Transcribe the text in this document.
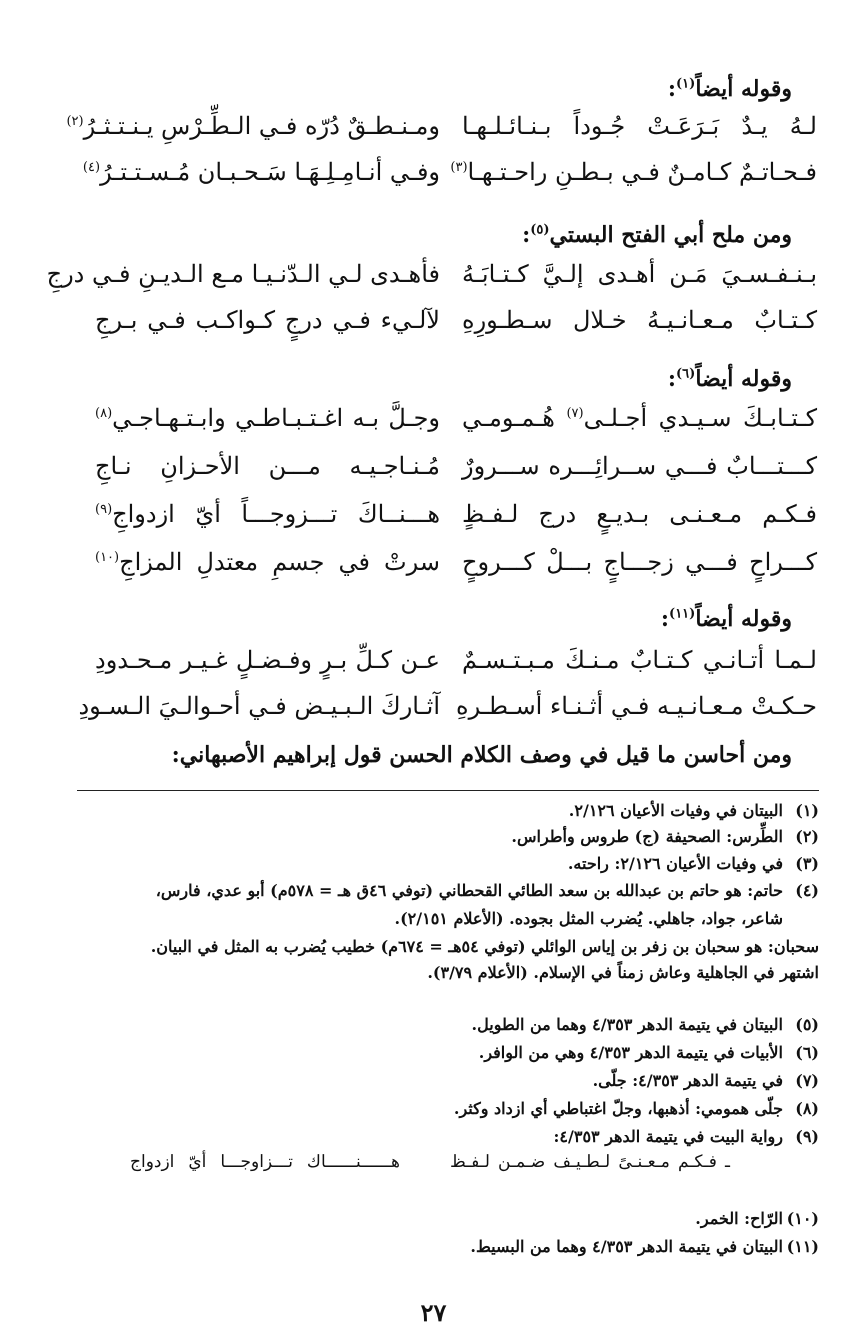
وقوله أيضاً$^{(١)}$:
لـهُ يـدٌ بَـرَعَـتْ جُـوداً بـنـائـلـهـا
ومـنـطـقٌ دُرّه فـي الـطِّـرْسِ يـنـتـثـرُ$^{(٢)}$
فـحـاتـمٌ كـامـنٌ فـي بـطـنِ راحـتـهـا$^{(٣)}$
وفـي أنـامِـلِـهَـا سَـحـبـان مُـسـتـتـرُ$^{(٤)}$
ومن ملح أبي الفتح البستي$^{(٥)}$:
بـنـفـسـيَ مَـن أهـدى إلـيَّ كـتـابَـهُ
فأهـدى لـي الـدّنـيـا مـع الـديـنِ فـي درجِ
كـتـابٌ مـعـانـيـهُ خـلال سـطـورِهِ
لآلـيء فـي درجٍ كـواكـب فـي بـرجِ
وقوله أيضاً$^{(٦)}$:
كـتـابـكَ سـيـدي أجـلـى$^{(٧)}$ هُـمـومـي
وجـلَّ بـه اغـتـبـاطـي وابـتـهـاجـي$^{(٨)}$
كـــتـــابٌ فـــي ســرائِـــره ســـرورٌ
مُـنـاجـيـه مـــن الأحـزانِ نـاجِ
فـكـم مـعـنـى بـديـعٍ درج لـفـظٍ
هـــنــاكَ تـــزوجـــاً أيّ ازدواجِ$^{(٩)}$
كـــراحٍ فـــي زجـــاجٍ بـــلْ كـــروحٍ
سرتْ في جسمِ معتدلِ المزاجِ$^{(١٠)}$
وقوله أيضاً$^{(١١)}$:
لـمـا أتـانـي كـتـابٌ مـنـكَ مـبـتـسـمٌ
عـن كـلِّ بـرٍ وفـضـلٍ غـيـر مـحـدودِ
حـكـتْ مـعـانـيـه فـي أثـنـاء أسـطـرهِ
آثـاركَ الـبـيـض فـي أحـوالـيَ الـسـودِ
ومن أحاسن ما قيل في وصف الكلام الحسن قول إبراهيم الأصبهاني:
(١)البيتان في وفيات الأعيان ٢/١٢٦.
(٢)الطِّرس: الصحيفة (ج) طروس وأطراس.
(٣)في وفيات الأعيان ٢/١٢٦: راحته.
(٤)حاتم: هو حاتم بن عبدالله بن سعد الطائي القحطاني (توفي ٤٦ق هـ = ٥٧٨م) أبو عدي، فارس،
شاعر، جواد، جاهلي. يُضرب المثل بجوده. (الأعلام ٢/١٥١).
سحبان: هو سحبان بن زفر بن إياس الوائلي (توفي ٥٤هـ = ٦٧٤م) خطيب يُضرب به المثل في البيان.
اشتهر في الجاهلية وعاش زمناً في الإسلام. (الأعلام ٣/٧٩).
(٥)البيتان في يتيمة الدهر ٤/٣٥٣ وهما من الطويل.
(٦)الأبيات في يتيمة الدهر ٤/٣٥٣ وهي من الوافر.
(٧)في يتيمة الدهر ٤/٣٥٣: جلّى.
(٨)جلّى همومي: أذهبها، وجلّ اغتباطي أي ازداد وكثر.
(٩)رواية البيت في يتيمة الدهر ٤/٣٥٣:
ـ فـكـم مـعـنـىً لـطـيـف ضـمـن لـفـظ
هــــــنــــــاك تـــزاوجـــا أيّ ازدواج
(١٠)الرّاح: الخمر.
(١١)البيتان في يتيمة الدهر ٤/٣٥٣ وهما من البسيط.
٢٧
